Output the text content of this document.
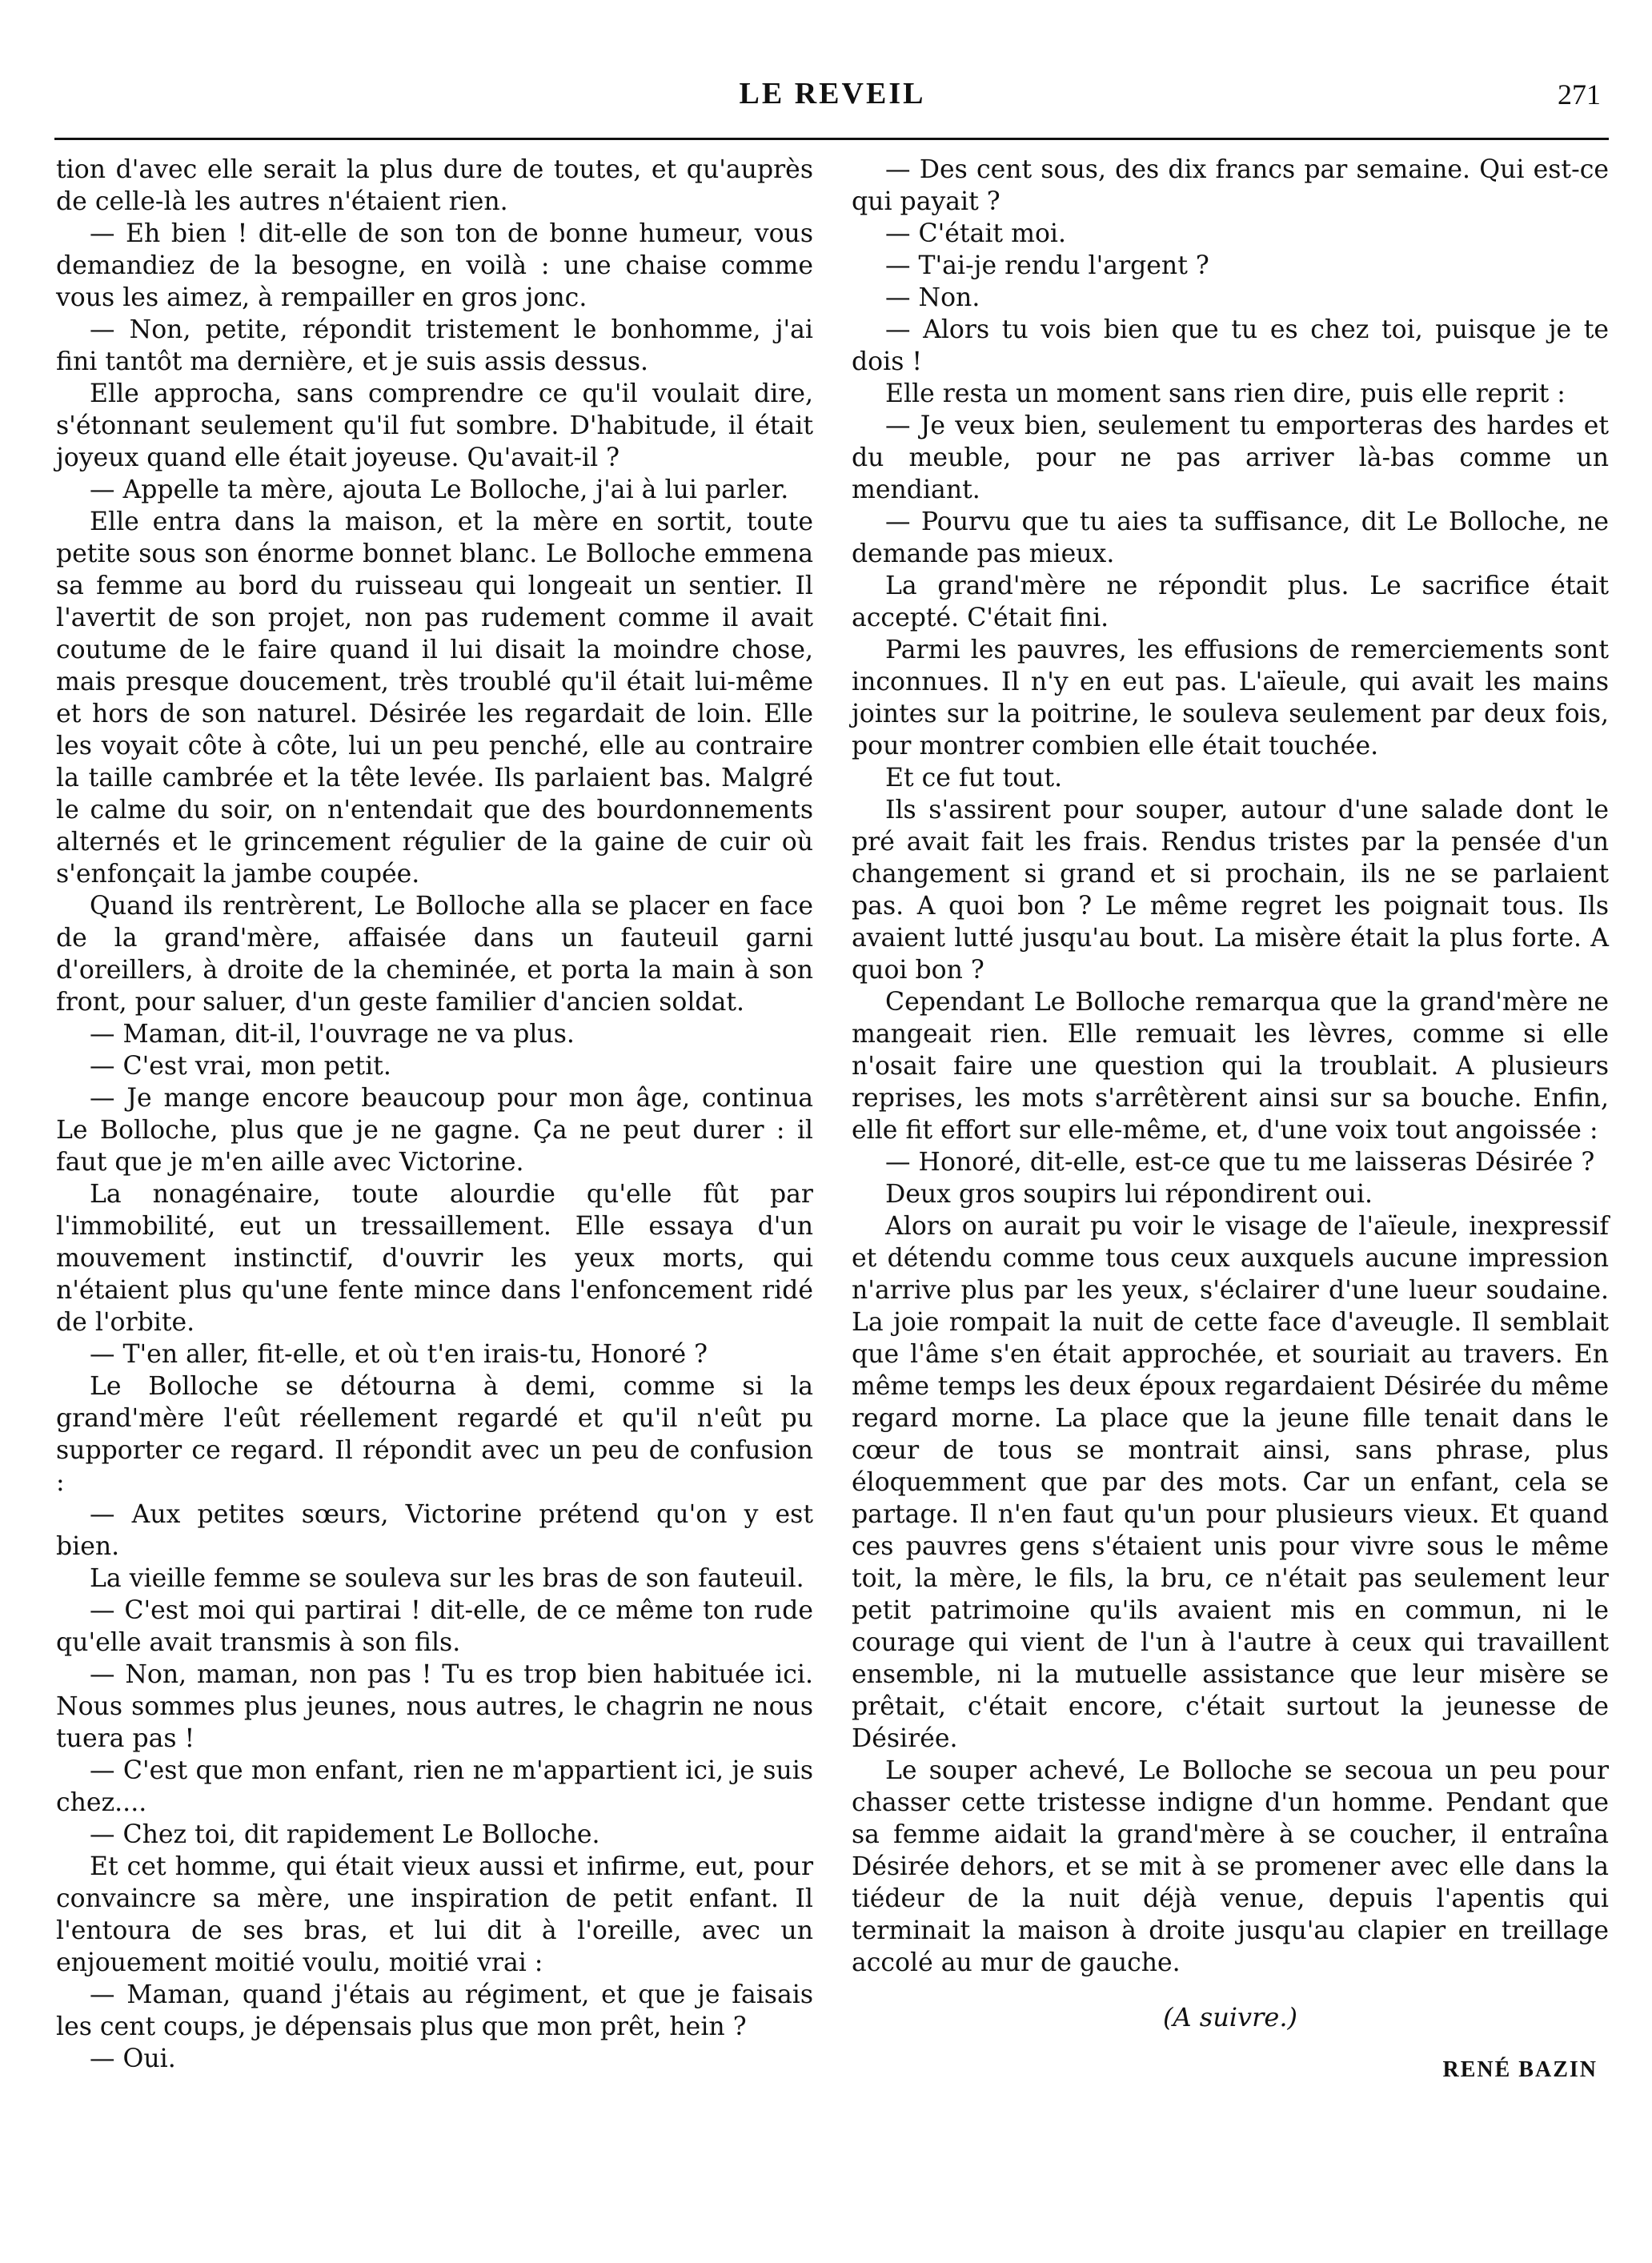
LE REVEIL	271

tion d'avec elle serait la plus dure de toutes, et qu'auprès de celle-là les autres n'étaient rien.

— Eh bien ! dit-elle de son ton de bonne humeur, vous demandiez de la besogne, en voilà : une chaise comme vous les aimez, à rempailler en gros jonc.

— Non, petite, répondit tristement le bonhomme, j'ai fini tantôt ma dernière, et je suis assis dessus.

Elle approcha, sans comprendre ce qu'il voulait dire, s'étonnant seulement qu'il fut sombre. D'habitude, il était joyeux quand elle était joyeuse. Qu'avait-il ?

— Appelle ta mère, ajouta Le Bolloche, j'ai à lui parler.

Elle entra dans la maison, et la mère en sortit, toute petite sous son énorme bonnet blanc. Le Bolloche emmena sa femme au bord du ruisseau qui longeait un sentier. Il l'avertit de son projet, non pas rudement comme il avait coutume de le faire quand il lui disait la moindre chose, mais presque doucement, très troublé qu'il était lui-même et hors de son naturel. Désirée les regardait de loin. Elle les voyait côte à côte, lui un peu penché, elle au contraire la taille cambrée et la tête levée. Ils parlaient bas. Malgré le calme du soir, on n'entendait que des bourdonnements alternés et le grincement régulier de la gaine de cuir où s'enfonçait la jambe coupée.

Quand ils rentrèrent, Le Bolloche alla se placer en face de la grand'mère, affaisée dans un fauteuil garni d'oreillers, à droite de la cheminée, et porta la main à son front, pour saluer, d'un geste familier d'ancien soldat.

— Maman, dit-il, l'ouvrage ne va plus.

— C'est vrai, mon petit.

— Je mange encore beaucoup pour mon âge, continua Le Bolloche, plus que je ne gagne. Ça ne peut durer : il faut que je m'en aille avec Victorine.

La nonagénaire, toute alourdie qu'elle fût par l'immobilité, eut un tressaillement. Elle essaya d'un mouvement instinctif, d'ouvrir les yeux morts, qui n'étaient plus qu'une fente mince dans l'enfoncement ridé de l'orbite.

— T'en aller, fit-elle, et où t'en irais-tu, Honoré ?

Le Bolloche se détourna à demi, comme si la grand'mère l'eût réellement regardé et qu'il n'eût pu supporter ce regard. Il répondit avec un peu de confusion :

— Aux petites sœurs, Victorine prétend qu'on y est bien.

La vieille femme se souleva sur les bras de son fauteuil.

— C'est moi qui partirai ! dit-elle, de ce même ton rude qu'elle avait transmis à son fils.

— Non, maman, non pas ! Tu es trop bien habituée ici. Nous sommes plus jeunes, nous autres, le chagrin ne nous tuera pas !

— C'est que mon enfant, rien ne m'appartient ici, je suis chez....

— Chez toi, dit rapidement Le Bolloche.

Et cet homme, qui était vieux aussi et infirme, eut, pour convaincre sa mère, une inspiration de petit enfant. Il l'entoura de ses bras, et lui dit à l'oreille, avec un enjouement moitié voulu, moitié vrai :

— Maman, quand j'étais au régiment, et que je faisais les cent coups, je dépensais plus que mon prêt, hein ?

— Oui.

— Des cent sous, des dix francs par semaine. Qui est-ce qui payait ?

— C'était moi.

— T'ai-je rendu l'argent ?

— Non.

— Alors tu vois bien que tu es chez toi, puisque je te dois !

Elle resta un moment sans rien dire, puis elle reprit :

— Je veux bien, seulement tu emporteras des hardes et du meuble, pour ne pas arriver là-bas comme un mendiant.

— Pourvu que tu aies ta suffisance, dit Le Bolloche, ne demande pas mieux.

La grand'mère ne répondit plus. Le sacrifice était accepté. C'était fini.

Parmi les pauvres, les effusions de remerciements sont inconnues. Il n'y en eut pas. L'aïeule, qui avait les mains jointes sur la poitrine, le souleva seulement par deux fois, pour montrer combien elle était touchée.

Et ce fut tout.

Ils s'assirent pour souper, autour d'une salade dont le pré avait fait les frais. Rendus tristes par la pensée d'un changement si grand et si prochain, ils ne se parlaient pas. A quoi bon ? Le même regret les poignait tous. Ils avaient lutté jusqu'au bout. La misère était la plus forte. A quoi bon ?

Cependant Le Bolloche remarqua que la grand'mère ne mangeait rien. Elle remuait les lèvres, comme si elle n'osait faire une question qui la troublait. A plusieurs reprises, les mots s'arrêtèrent ainsi sur sa bouche. Enfin, elle fit effort sur elle-même, et, d'une voix tout angoissée :

— Honoré, dit-elle, est-ce que tu me laisseras Désirée ?

Deux gros soupirs lui répondirent oui.

Alors on aurait pu voir le visage de l'aïeule, inexpressif et détendu comme tous ceux auxquels aucune impression n'arrive plus par les yeux, s'éclairer d'une lueur soudaine. La joie rompait la nuit de cette face d'aveugle. Il semblait que l'âme s'en était approchée, et souriait au travers. En même temps les deux époux regardaient Désirée du même regard morne. La place que la jeune fille tenait dans le cœur de tous se montrait ainsi, sans phrase, plus éloquemment que par des mots. Car un enfant, cela se partage. Il n'en faut qu'un pour plusieurs vieux. Et quand ces pauvres gens s'étaient unis pour vivre sous le même toit, la mère, le fils, la bru, ce n'était pas seulement leur petit patrimoine qu'ils avaient mis en commun, ni le courage qui vient de l'un à l'autre à ceux qui travaillent ensemble, ni la mutuelle assistance que leur misère se prêtait, c'était encore, c'était surtout la jeunesse de Désirée.

Le souper achevé, Le Bolloche se secoua un peu pour chasser cette tristesse indigne d'un homme. Pendant que sa femme aidait la grand'mère à se coucher, il entraîna Désirée dehors, et se mit à se promener avec elle dans la tiédeur de la nuit déjà venue, depuis l'apentis qui terminait la maison à droite jusqu'au clapier en treillage accolé au mur de gauche.

(A suivre.)
RENÉ BAZIN
